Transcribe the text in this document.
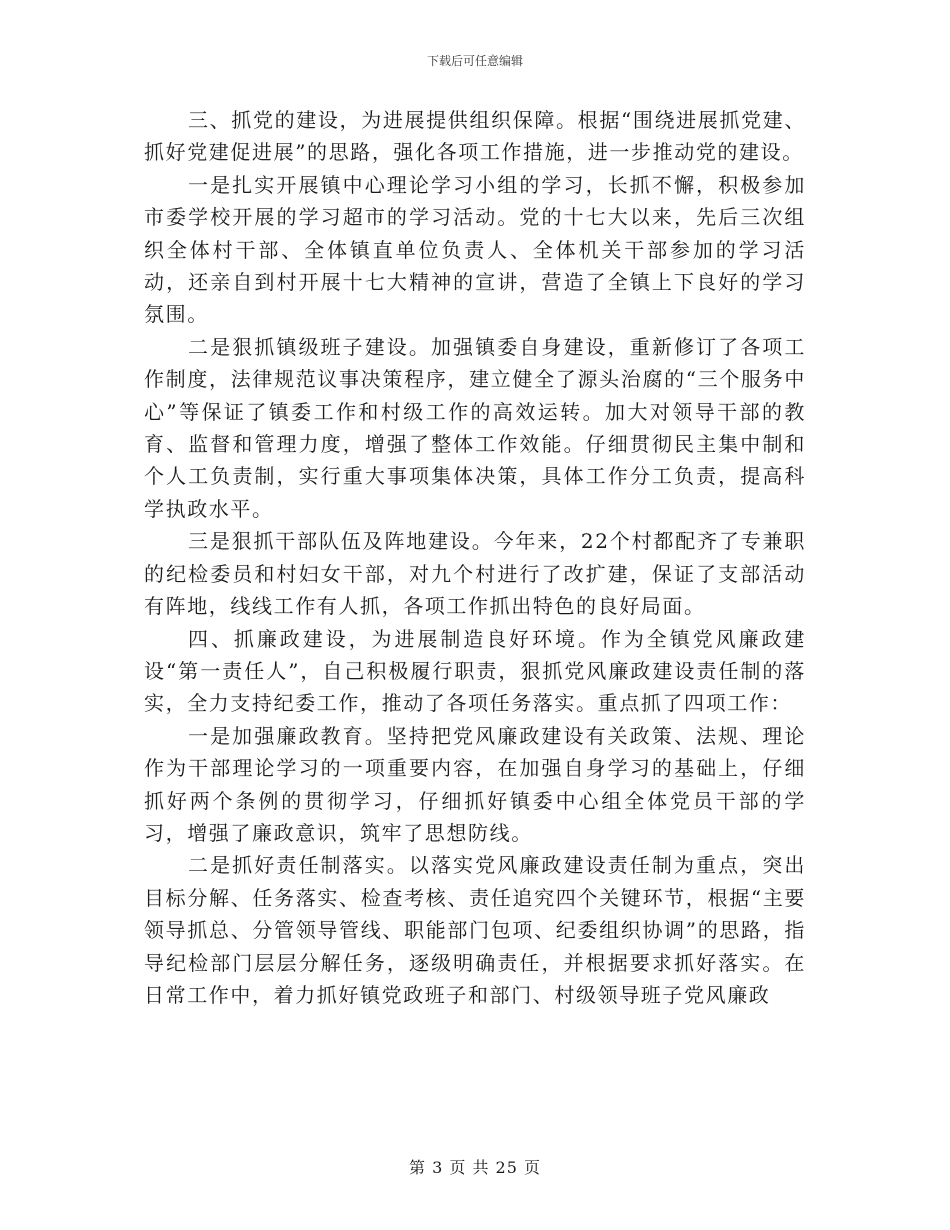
下载后可任意编辑

三、抓党的建设，为进展提供组织保障。根据“围绕进展抓党建、抓好党建促进展”的思路，强化各项工作措施，进一步推动党的建设。

一是扎实开展镇中心理论学习小组的学习，长抓不懈，积极参加市委学校开展的学习超市的学习活动。党的十七大以来，先后三次组织全体村干部、全体镇直单位负责人、全体机关干部参加的学习活动，还亲自到村开展十七大精神的宣讲，营造了全镇上下良好的学习氛围。

二是狠抓镇级班子建设。加强镇委自身建设，重新修订了各项工作制度，法律规范议事决策程序，建立健全了源头治腐的“三个服务中心”等保证了镇委工作和村级工作的高效运转。加大对领导干部的教育、监督和管理力度，增强了整体工作效能。仔细贯彻民主集中制和个人工负责制，实行重大事项集体决策，具体工作分工负责，提高科学执政水平。

三是狠抓干部队伍及阵地建设。今年来，22个村都配齐了专兼职的纪检委员和村妇女干部，对九个村进行了改扩建，保证了支部活动有阵地，线线工作有人抓，各项工作抓出特色的良好局面。

四、抓廉政建设，为进展制造良好环境。作为全镇党风廉政建设“第一责任人”，自己积极履行职责，狠抓党风廉政建设责任制的落实，全力支持纪委工作，推动了各项任务落实。重点抓了四项工作：

一是加强廉政教育。坚持把党风廉政建设有关政策、法规、理论作为干部理论学习的一项重要内容，在加强自身学习的基础上，仔细抓好两个条例的贯彻学习，仔细抓好镇委中心组全体党员干部的学习，增强了廉政意识，筑牢了思想防线。

二是抓好责任制落实。以落实党风廉政建设责任制为重点，突出目标分解、任务落实、检查考核、责任追究四个关键环节，根据“主要领导抓总、分管领导管线、职能部门包项、纪委组织协调”的思路，指导纪检部门层层分解任务，逐级明确责任，并根据要求抓好落实。在日常工作中，着力抓好镇党政班子和部门、村级领导班子党风廉政

第 3 页 共 25 页
